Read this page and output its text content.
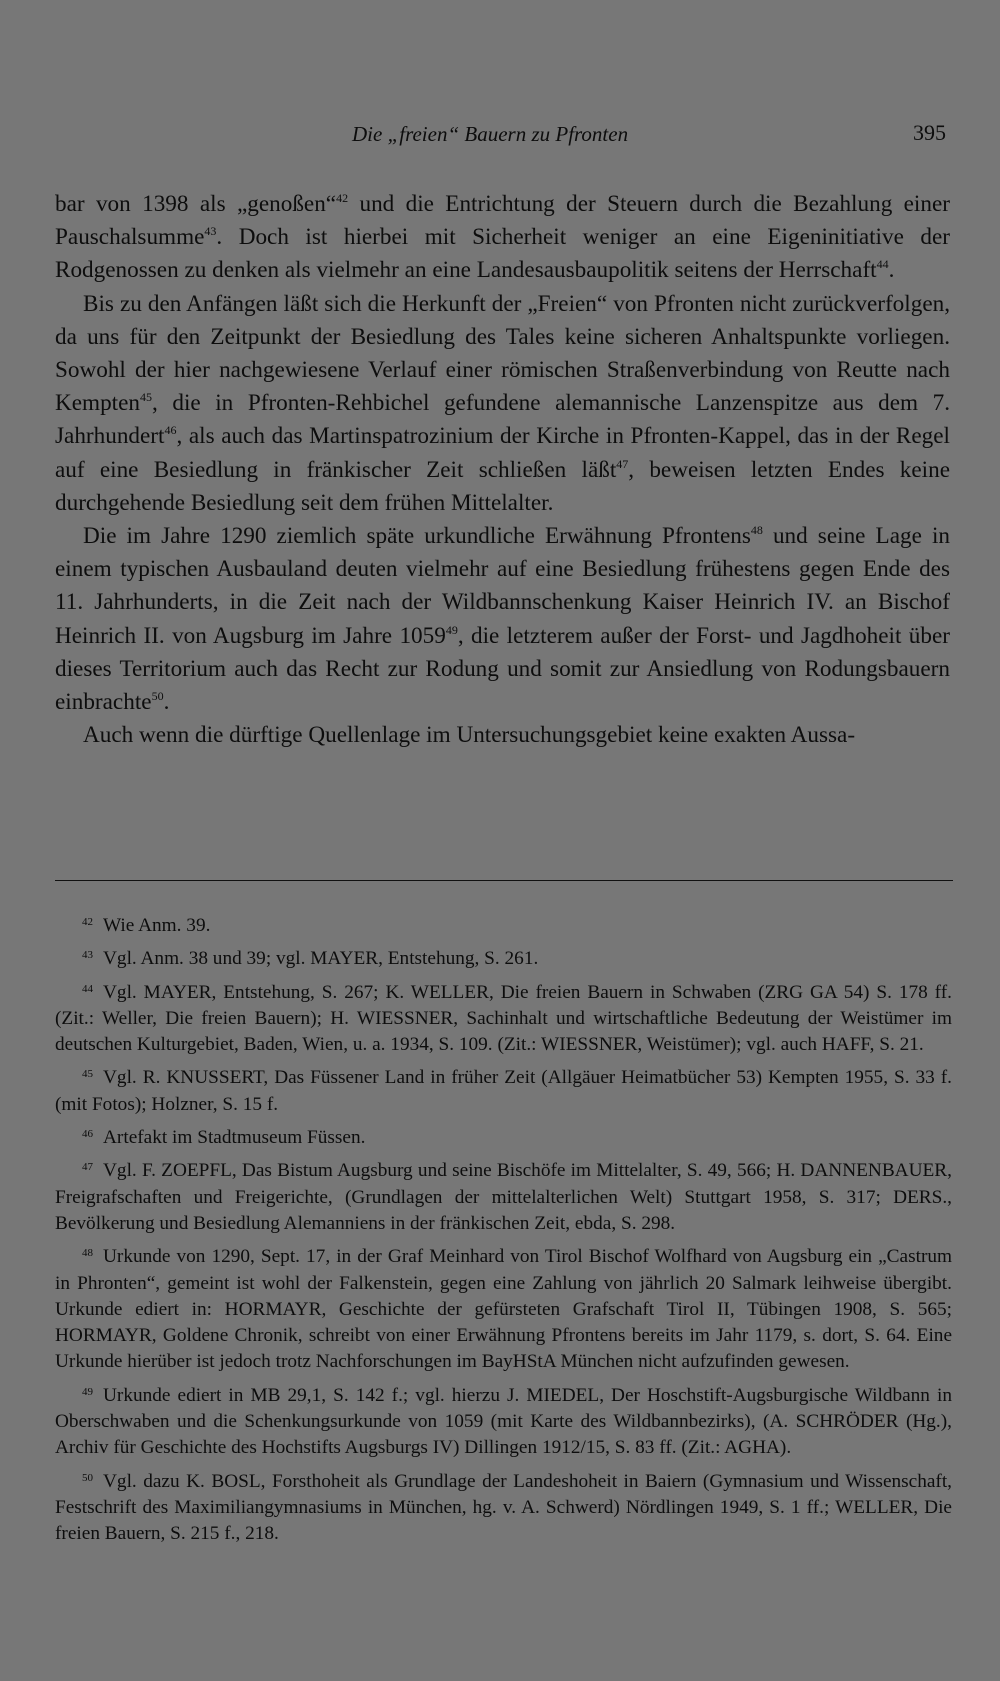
Die „freien“ Bauern zu Pfronten	395

bar von 1398 als „genoßen“$^{42}$ und die Entrichtung der Steuern durch die Bezahlung einer Pauschalsumme$^{43}$. Doch ist hierbei mit Sicherheit weniger an eine Eigeninitiative der Rodgenossen zu denken als vielmehr an eine Landesausbaupolitik seitens der Herrschaft$^{44}$.

Bis zu den Anfängen läßt sich die Herkunft der „Freien“ von Pfronten nicht zurückverfolgen, da uns für den Zeitpunkt der Besiedlung des Tales keine sicheren Anhaltspunkte vorliegen. Sowohl der hier nachgewiesene Verlauf einer römischen Straßenverbindung von Reutte nach Kempten$^{45}$, die in Pfronten-Rehbichel gefundene alemannische Lanzenspitze aus dem 7. Jahrhundert$^{46}$, als auch das Martinspatrozinium der Kirche in Pfronten-Kappel, das in der Regel auf eine Besiedlung in fränkischer Zeit schließen läßt$^{47}$, beweisen letzten Endes keine durchgehende Besiedlung seit dem frühen Mittelalter.

Die im Jahre 1290 ziemlich späte urkundliche Erwähnung Pfrontens$^{48}$ und seine Lage in einem typischen Ausbauland deuten vielmehr auf eine Besiedlung frühestens gegen Ende des 11. Jahrhunderts, in die Zeit nach der Wildbannschenkung Kaiser Heinrich IV. an Bischof Heinrich II. von Augsburg im Jahre 1059$^{49}$, die letzterem außer der Forst- und Jagdhoheit über dieses Territorium auch das Recht zur Rodung und somit zur Ansiedlung von Rodungsbauern einbrachte$^{50}$.

Auch wenn die dürftige Quellenlage im Untersuchungsgebiet keine exakten Aussa-

$^{42}$ Wie Anm. 39.

$^{43}$ Vgl. Anm. 38 und 39; vgl. MAYER, Entstehung, S. 261.

$^{44}$ Vgl. MAYER, Entstehung, S. 267; K. WELLER, Die freien Bauern in Schwaben (ZRG GA 54) S. 178 ff. (Zit.: Weller, Die freien Bauern); H. WIESSNER, Sachinhalt und wirtschaftliche Bedeutung der Weistümer im deutschen Kulturgebiet, Baden, Wien, u. a. 1934, S. 109. (Zit.: WIESSNER, Weistümer); vgl. auch HAFF, S. 21.

$^{45}$ Vgl. R. KNUSSERT, Das Füssener Land in früher Zeit (Allgäuer Heimatbücher 53) Kempten 1955, S. 33 f. (mit Fotos); Holzner, S. 15 f.

$^{46}$ Artefakt im Stadtmuseum Füssen.

$^{47}$ Vgl. F. ZOEPFL, Das Bistum Augsburg und seine Bischöfe im Mittelalter, S. 49, 566; H. DANNENBAUER, Freigrafschaften und Freigerichte, (Grundlagen der mittelalterlichen Welt) Stuttgart 1958, S. 317; DERS., Bevölkerung und Besiedlung Alemanniens in der fränkischen Zeit, ebda, S. 298.

$^{48}$ Urkunde von 1290, Sept. 17, in der Graf Meinhard von Tirol Bischof Wolfhard von Augsburg ein „Castrum in Phronten“, gemeint ist wohl der Falkenstein, gegen eine Zahlung von jährlich 20 Salmark leihweise übergibt. Urkunde ediert in: HORMAYR, Geschichte der gefürsteten Grafschaft Tirol II, Tübingen 1908, S. 565; HORMAYR, Goldene Chronik, schreibt von einer Erwähnung Pfrontens bereits im Jahr 1179, s. dort, S. 64. Eine Urkunde hierüber ist jedoch trotz Nachforschungen im BayHStA München nicht aufzufinden gewesen.

$^{49}$ Urkunde ediert in MB 29,1, S. 142 f.; vgl. hierzu J. MIEDEL, Der Hoschstift-Augsburgische Wildbann in Oberschwaben und die Schenkungsurkunde von 1059 (mit Karte des Wildbannbezirks), (A. SCHRÖDER (Hg.), Archiv für Geschichte des Hochstifts Augsburgs IV) Dillingen 1912/15, S. 83 ff. (Zit.: AGHA).

$^{50}$ Vgl. dazu K. BOSL, Forsthoheit als Grundlage der Landeshoheit in Baiern (Gymnasium und Wissenschaft, Festschrift des Maximiliangymnasiums in München, hg. v. A. Schwerd) Nördlingen 1949, S. 1 ff.; WELLER, Die freien Bauern, S. 215 f., 218.
